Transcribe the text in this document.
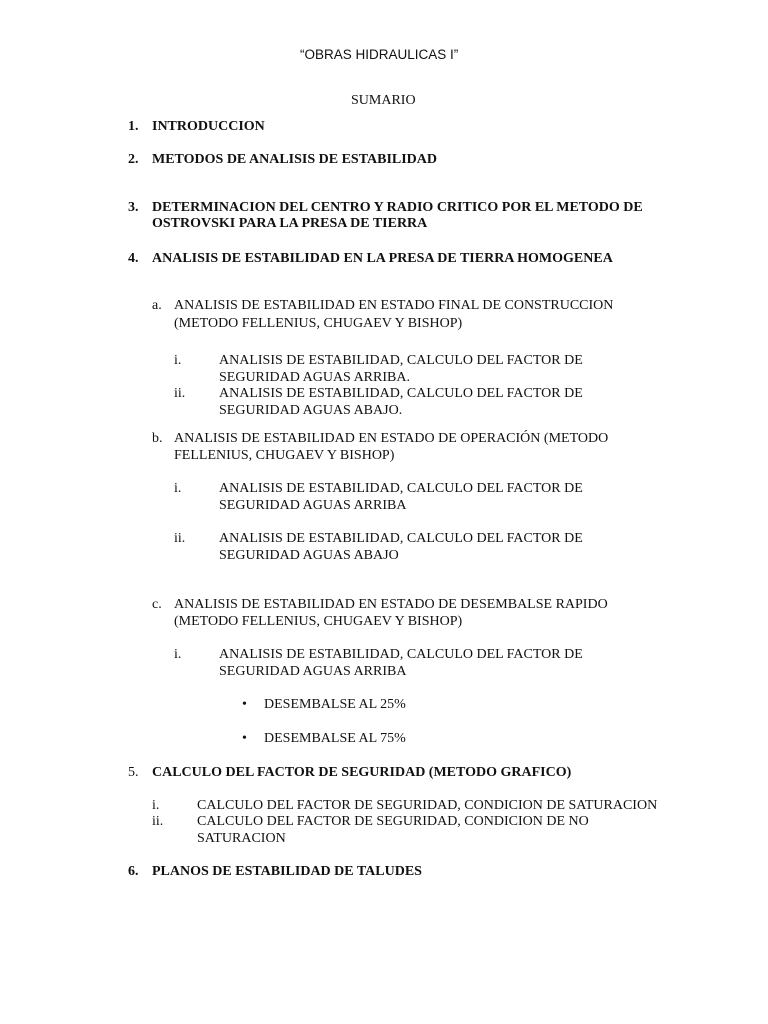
“OBRAS HIDRAULICAS I”
SUMARIO
1. INTRODUCCION
2. METODOS DE ANALISIS DE ESTABILIDAD
3. DETERMINACION DEL CENTRO Y RADIO CRITICO POR EL METODO DE
OSTROVSKI PARA LA PRESA DE TIERRA
4. ANALISIS DE ESTABILIDAD EN LA PRESA DE TIERRA HOMOGENEA
a. ANALISIS DE ESTABILIDAD EN ESTADO FINAL DE CONSTRUCCION
(METODO FELLENIUS, CHUGAEV Y BISHOP)
i.	ANALISIS DE ESTABILIDAD, CALCULO DEL FACTOR DE
SEGURIDAD AGUAS ARRIBA.
ii. ANALISIS DE ESTABILIDAD, CALCULO DEL FACTOR DE
SEGURIDAD AGUAS ABAJO.
b. ANALISIS DE ESTABILIDAD EN ESTADO DE OPERACIÓN (METODO
FELLENIUS, CHUGAEV Y BISHOP)
i.	ANALISIS DE ESTABILIDAD, CALCULO DEL FACTOR DE
SEGURIDAD AGUAS ARRIBA
ii. ANALISIS DE ESTABILIDAD, CALCULO DEL FACTOR DE
SEGURIDAD AGUAS ABAJO
c. ANALISIS DE ESTABILIDAD EN ESTADO DE DESEMBALSE RAPIDO
(METODO FELLENIUS, CHUGAEV Y BISHOP)
i.	ANALISIS DE ESTABILIDAD, CALCULO DEL FACTOR DE
SEGURIDAD AGUAS ARRIBA
• DESEMBALSE AL 25%
• DESEMBALSE AL 75%
5. CALCULO DEL FACTOR DE SEGURIDAD (METODO GRAFICO)
i.	CALCULO DEL FACTOR DE SEGURIDAD, CONDICION DE SATURACION
ii. CALCULO DEL FACTOR DE SEGURIDAD, CONDICION DE NO
SATURACION
6. PLANOS DE ESTABILIDAD DE TALUDES
